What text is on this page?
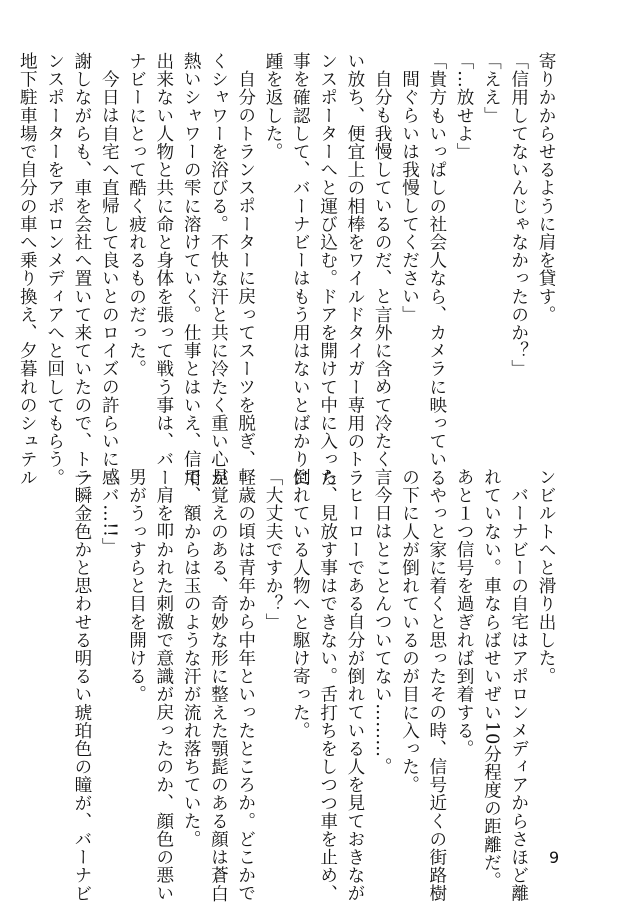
寄りかからせるように肩を貸す。
「信用してないんじゃなかったのか？」
「ええ」
「…放せよ」
「貴方もいっぱしの社会人なら、カメラに映っている
間ぐらいは我慢してください」
自分も我慢しているのだ、と言外に含めて冷たく言
い放ち、便宜上の相棒をワイルドタイガー専用のトラ
ンスポーターへと運び込む。ドアを開けて中に入った
事を確認して、バーナビーはもう用はないとばかりに
踵を返した。
自分のトランスポーターに戻ってスーツを脱ぎ、軽
くシャワーを浴びる。不快な汗と共に冷たく重い心が
熱いシャワーの雫に溶けていく。仕事とはいえ、信用
出来ない人物と共に命と身体を張って戦う事は、バー
ナビーにとって酷く疲れるものだった。
今日は自宅へ直帰して良いとのロイズの許らいに感
謝しながらも、車を会社へ置いて来ていたので、トラ
ンスポーターをアポロンメディアへと回してもらう。
地下駐車場で自分の車へ乗り換え、夕暮れのシュテル
ンビルトへと滑り出した。
バーナビーの自宅はアポロンメディアからさほど離
れていない。車ならばせいぜい10分程度の距離だ。
あと１つ信号を過ぎれば到着する。
やっと家に着くと思ったその時、信号近くの街路樹
の下に人が倒れているのが目に入った。
今日はとことんついてない………。
ヒーローである自分が倒れている人を見ておきなが
ら、見放す事はできない。舌打ちをしつつ車を止め、
倒れている人物へと駆け寄った。
「大丈夫ですか？」
歳の頃は青年から中年といったところか。どこかで
見覚えのある、奇妙な形に整えた顎髭のある顔は蒼白
で、額からは玉のような汗が流れ落ちていた。
肩を叩かれた刺激で意識が戻ったのか、顔色の悪い
男がうっすらと目を開ける。
「バ…!!」
一瞬金色かと思わせる明るい琥珀色の瞳が、バーナビ	9
